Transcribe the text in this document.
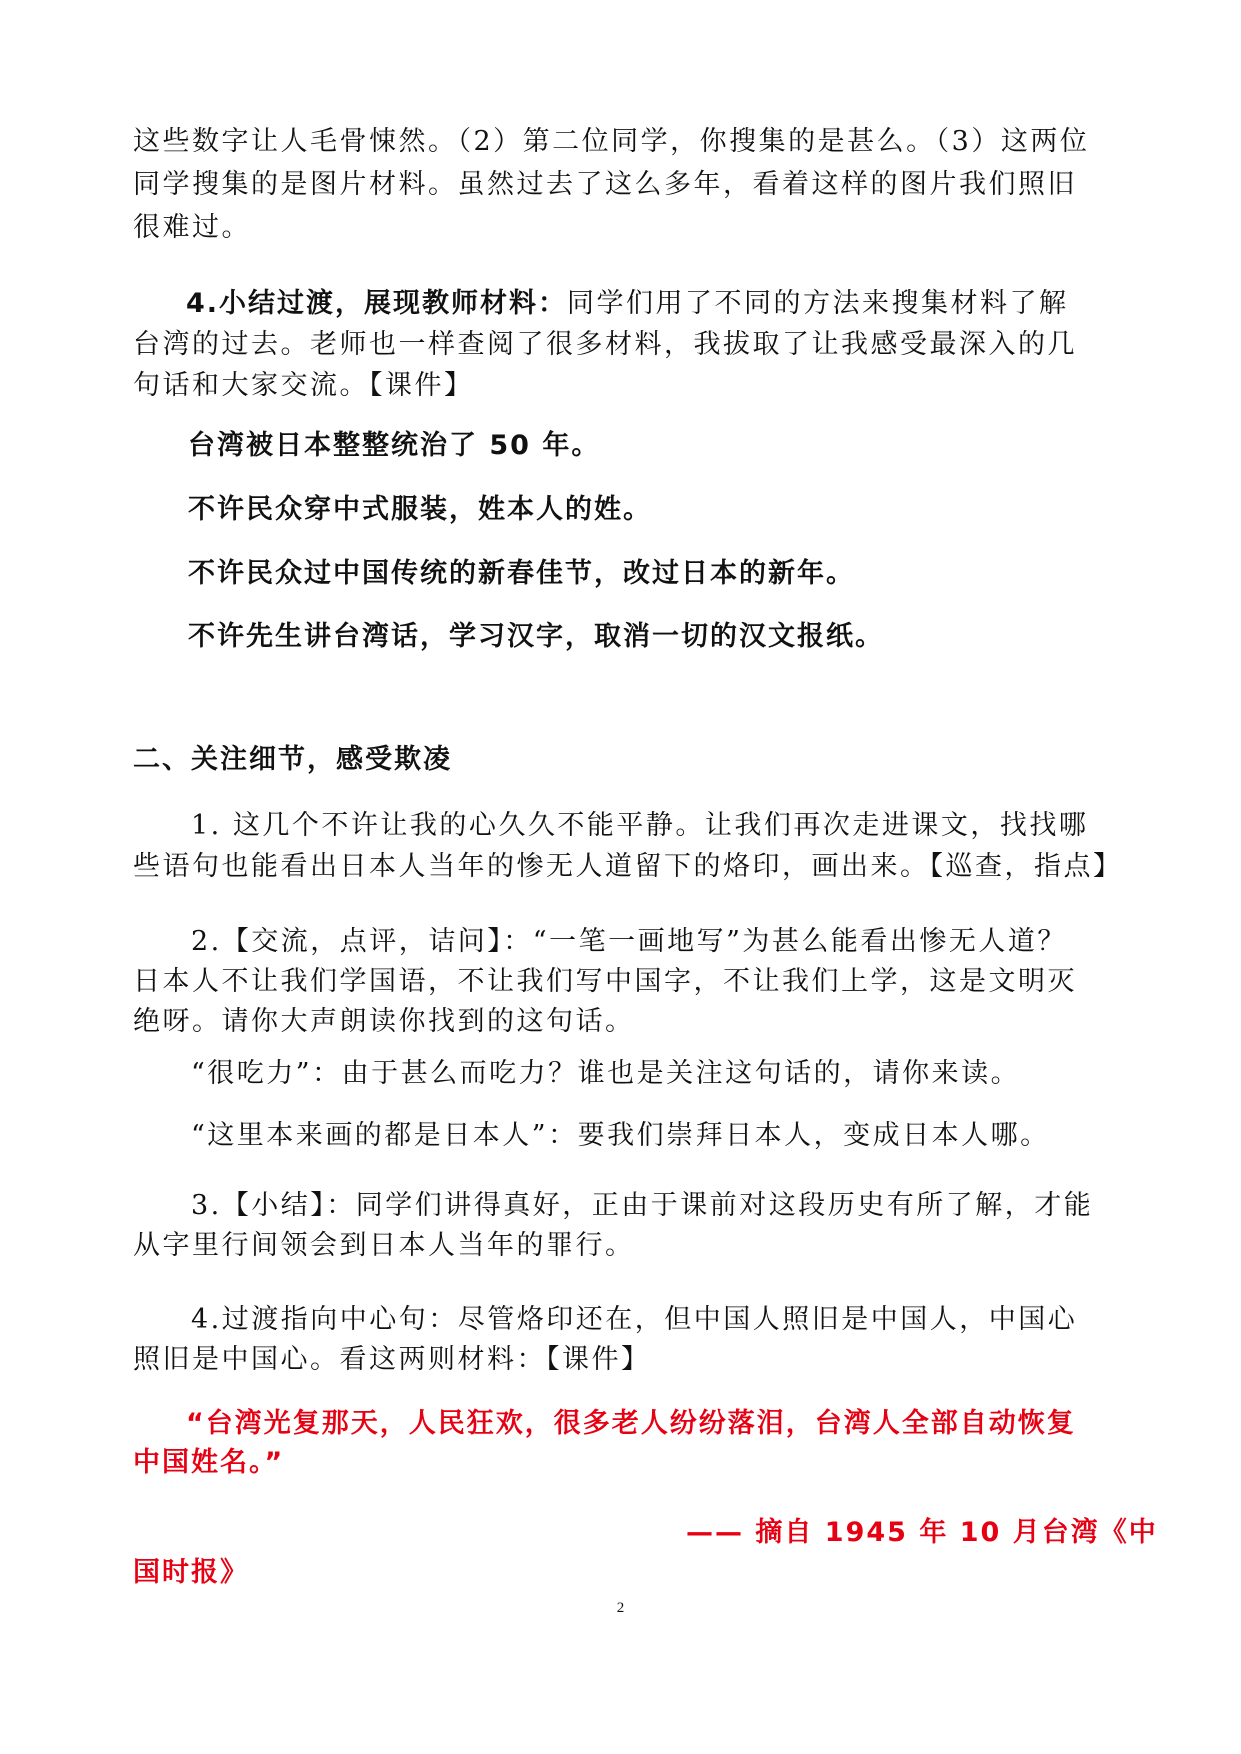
这些数字让人毛骨悚然。（2）第二位同学，你搜集的是甚么。（3）这两位
同学搜集的是图片材料。虽然过去了这么多年，看着这样的图片我们照旧
很难过。
4.小结过渡，展现教师材料：同学们用了不同的方法来搜集材料了解
台湾的过去。老师也一样查阅了很多材料，我拔取了让我感受最深入的几
句话和大家交流。【课件】
台湾被日本整整统治了 50 年。
不许民众穿中式服装，姓本人的姓。
不许民众过中国传统的新春佳节，改过日本的新年。
不许先生讲台湾话，学习汉字，取消一切的汉文报纸。
二、关注细节，感受欺凌
1. 这几个不许让我的心久久不能平静。让我们再次走进课文，找找哪
些语句也能看出日本人当年的惨无人道留下的烙印，画出来。【巡查，指点】
2.【交流，点评，诘问】：“一笔一画地写”为甚么能看出惨无人道？
日本人不让我们学国语，不让我们写中国字，不让我们上学，这是文明灭
绝呀。请你大声朗读你找到的这句话。
“很吃力”：由于甚么而吃力？谁也是关注这句话的，请你来读。
“这里本来画的都是日本人”：要我们崇拜日本人，变成日本人哪。
3.【小结】：同学们讲得真好，正由于课前对这段历史有所了解，才能
从字里行间领会到日本人当年的罪行。
4.过渡指向中心句：尽管烙印还在，但中国人照旧是中国人，中国心
照旧是中国心。看这两则材料：【课件】
“台湾光复那天，人民狂欢，很多老人纷纷落泪，台湾人全部自动恢复
中国姓名。”
—— 摘自 1945 年 10 月台湾《中
国时报》
2
